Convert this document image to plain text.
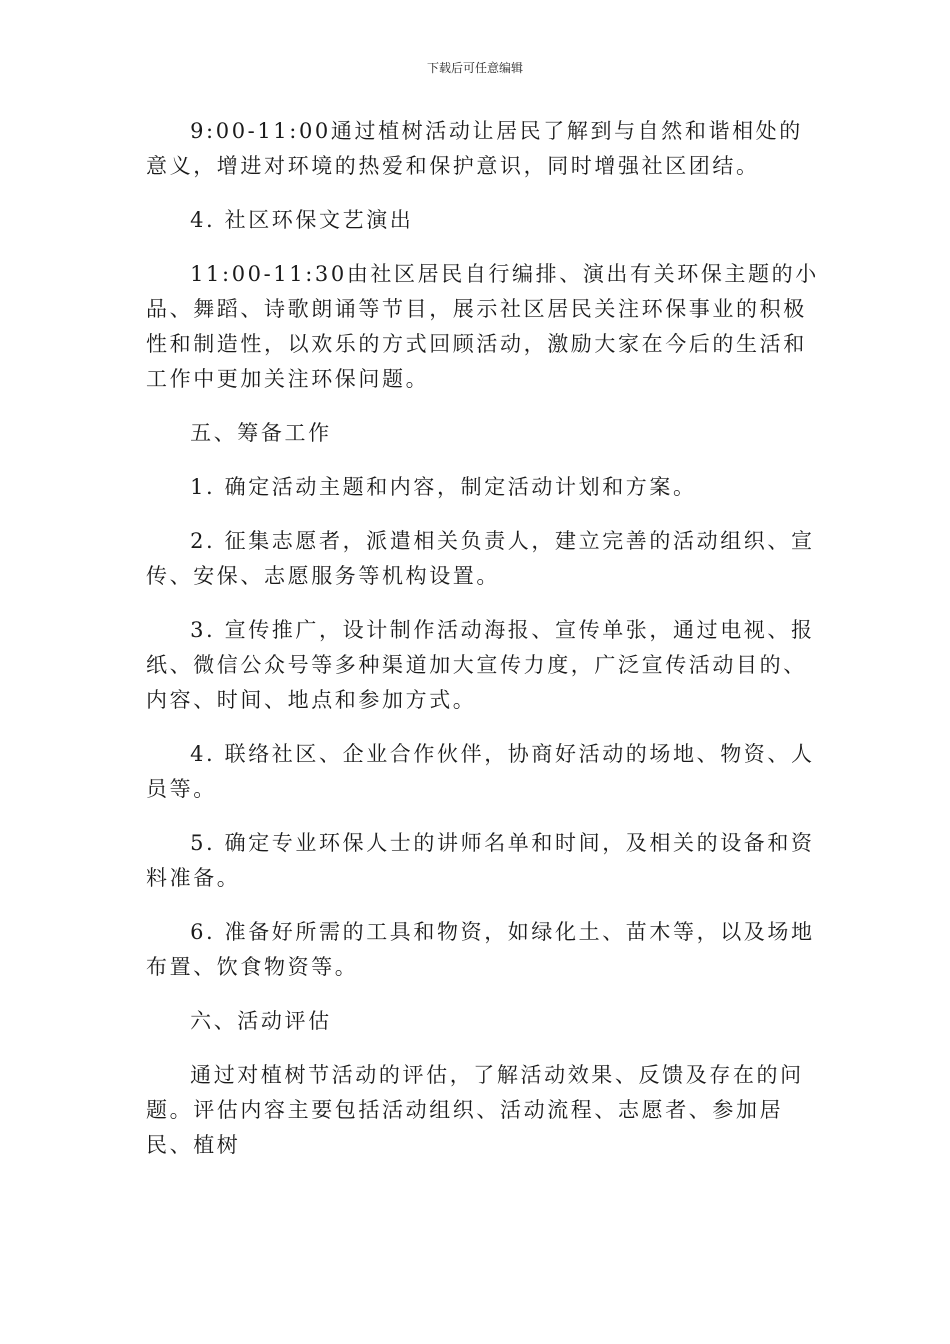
下载后可任意编辑

9:00-11:00通过植树活动让居民了解到与自然和谐相处的意义，增进对环境的热爱和保护意识，同时增强社区团结。

4. 社区环保文艺演出

11:00-11:30由社区居民自行编排、演出有关环保主题的小品、舞蹈、诗歌朗诵等节目，展示社区居民关注环保事业的积极性和制造性，以欢乐的方式回顾活动，激励大家在今后的生活和工作中更加关注环保问题。

五、筹备工作

1. 确定活动主题和内容，制定活动计划和方案。

2. 征集志愿者，派遣相关负责人，建立完善的活动组织、宣传、安保、志愿服务等机构设置。

3. 宣传推广，设计制作活动海报、宣传单张，通过电视、报纸、微信公众号等多种渠道加大宣传力度，广泛宣传活动目的、内容、时间、地点和参加方式。

4. 联络社区、企业合作伙伴，协商好活动的场地、物资、人员等。

5. 确定专业环保人士的讲师名单和时间，及相关的设备和资料准备。

6. 准备好所需的工具和物资，如绿化土、苗木等，以及场地布置、饮食物资等。

六、活动评估

通过对植树节活动的评估，了解活动效果、反馈及存在的问题。评估内容主要包括活动组织、活动流程、志愿者、参加居民、植树
